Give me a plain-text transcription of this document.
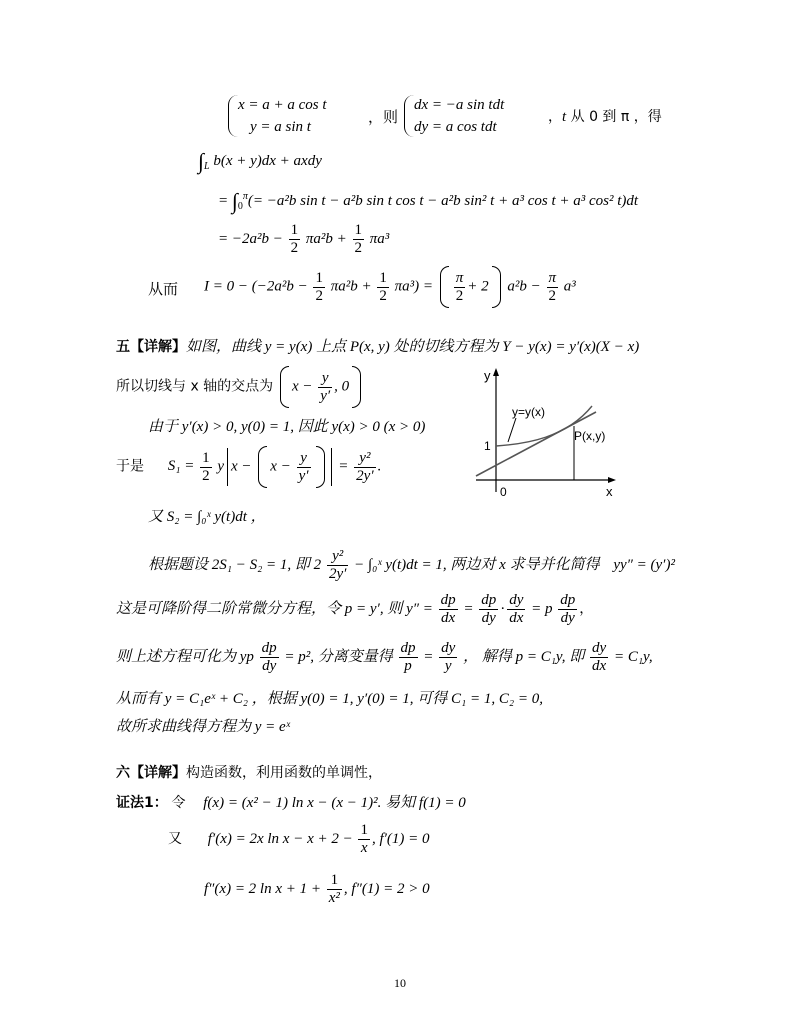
x = a + a cos t
y = a sin t
，则
dx = −a sin tdt
dy = a cos tdt
，t 从 0 到 π ，得
$\int_L$ b(x + y)dx + axdy
= $\int_0^\pi(= -a^2b$ sin t − a²b sin t cos t − a²b sin² t + a³ cos t + a³ cos² t)dt
= $-2a^2b - \frac{1}{2} \pi a^2b + \frac{1}{2} \pi a^3$
从而 $I = 0 - (-2a^2b - \frac{1}{2} \pi a^2b + \frac{1}{2} \pi a^3) = \frac{\pi}{2} + 2$ $a^2b - \frac{\pi}{2} a^3$
五【详解】如图，曲线 y = y(x) 上点 P(x, y) 处的切线方程为 Y − y(x) = y′(x)(X − x)
所以切线与 x 轴的交点为 $x - \frac{y}{y'}$ , 0
由于 y′(x) > 0, y(0) = 1, 因此 y(x) > 0 (x > 0)
于是 $S_1 = \frac{1}{2}$ y $x - x - \frac{y}{y'} = \frac{\text{y²}}{2y'}$ .
又 S₂ = ∫₀ˣ y(t)dt ，
y
x
0
1
y=y(x)
P(x,y)
根据题设 2S₁ − S₂ = 1, 即 $2 \frac{\text{y²}}{2y'}$ − ∫₀ˣ y(t)dt = 1, 两边对 x 求导并化简得 yy″ = (y′)²
这是可降阶得二阶常微分方程，令 p = y′, 则 $y'' = \frac{dp}{dx} = \frac{dp}{dy} \cdot \frac{dy}{dx} = p \frac{dp}{dy}$ ，
则上述方程可化为 yp $\frac{dp}{dy} = p^2$, 分离变量得 $\frac{dp}{p} = \frac{dy}{y}$ ， 解得 p = C₁y, 即 $\frac{dy}{dx} = C_1y$,
从而有 y = C₁eˣ + C₂ ，根据 y(0) = 1, y′(0) = 1, 可得 C₁ = 1, C₂ = 0,
故所求曲线得方程为 y = eˣ
六【详解】构造函数，利用函数的单调性，
证法1： 令 f(x) = (x² − 1) ln x − (x − 1)². 易知 f(1) = 0
又 f′(x) = 2x $\ln x - x + 2 - \frac{1}{x}$ , f′(1) = 0
f″(x) = 2 $\ln x + 1 + \frac{1}{\text{x²}}$ , f″(1) = 2 > 0
10
